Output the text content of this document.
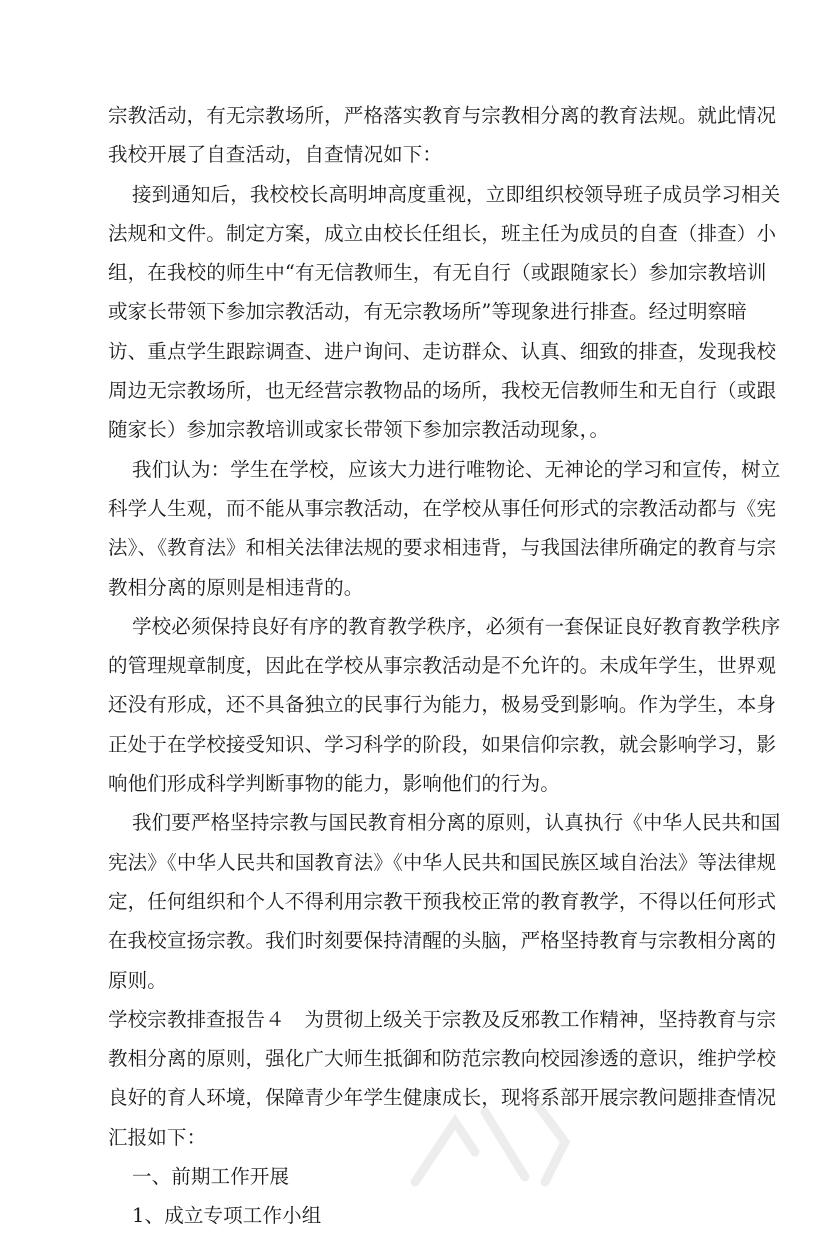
宗教活动，有无宗教场所，严格落实教育与宗教相分离的教育法规。就此情况
我校开展了自查活动，自查情况如下：
接到通知后，我校校长高明坤高度重视，立即组织校领导班子成员学习相关
法规和文件。制定方案，成立由校长任组长，班主任为成员的自查（排查）小
组，在我校的师生中“有无信教师生，有无自行（或跟随家长）参加宗教培训
或家长带领下参加宗教活动，有无宗教场所”等现象进行排查。经过明察暗
访、重点学生跟踪调查、进户询问、走访群众、认真、细致的排查，发现我校
周边无宗教场所，也无经营宗教物品的场所，我校无信教师生和无自行（或跟
随家长）参加宗教培训或家长带领下参加宗教活动现象，。
我们认为：学生在学校，应该大力进行唯物论、无神论的学习和宣传，树立
科学人生观，而不能从事宗教活动，在学校从事任何形式的宗教活动都与《宪
法》、《教育法》和相关法律法规的要求相违背，与我国法律所确定的教育与宗
教相分离的原则是相违背的。
学校必须保持良好有序的教育教学秩序，必须有一套保证良好教育教学秩序
的管理规章制度，因此在学校从事宗教活动是不允许的。未成年学生，世界观
还没有形成，还不具备独立的民事行为能力，极易受到影响。作为学生，本身
正处于在学校接受知识、学习科学的阶段，如果信仰宗教，就会影响学习，影
响他们形成科学判断事物的能力，影响他们的行为。
我们要严格坚持宗教与国民教育相分离的原则，认真执行《中华人民共和国
宪法》《中华人民共和国教育法》《中华人民共和国民族区域自治法》等法律规
定，任何组织和个人不得利用宗教干预我校正常的教育教学，不得以任何形式
在我校宣扬宗教。我们时刻要保持清醒的头脑，严格坚持教育与宗教相分离的
原则。
学校宗教排查报告４　为贯彻上级关于宗教及反邪教工作精神，坚持教育与宗
教相分离的原则，强化广大师生抵御和防范宗教向校园渗透的意识，维护学校
良好的育人环境，保障青少年学生健康成长，现将系部开展宗教问题排查情况
汇报如下：
一、前期工作开展
1、成立专项工作小组
